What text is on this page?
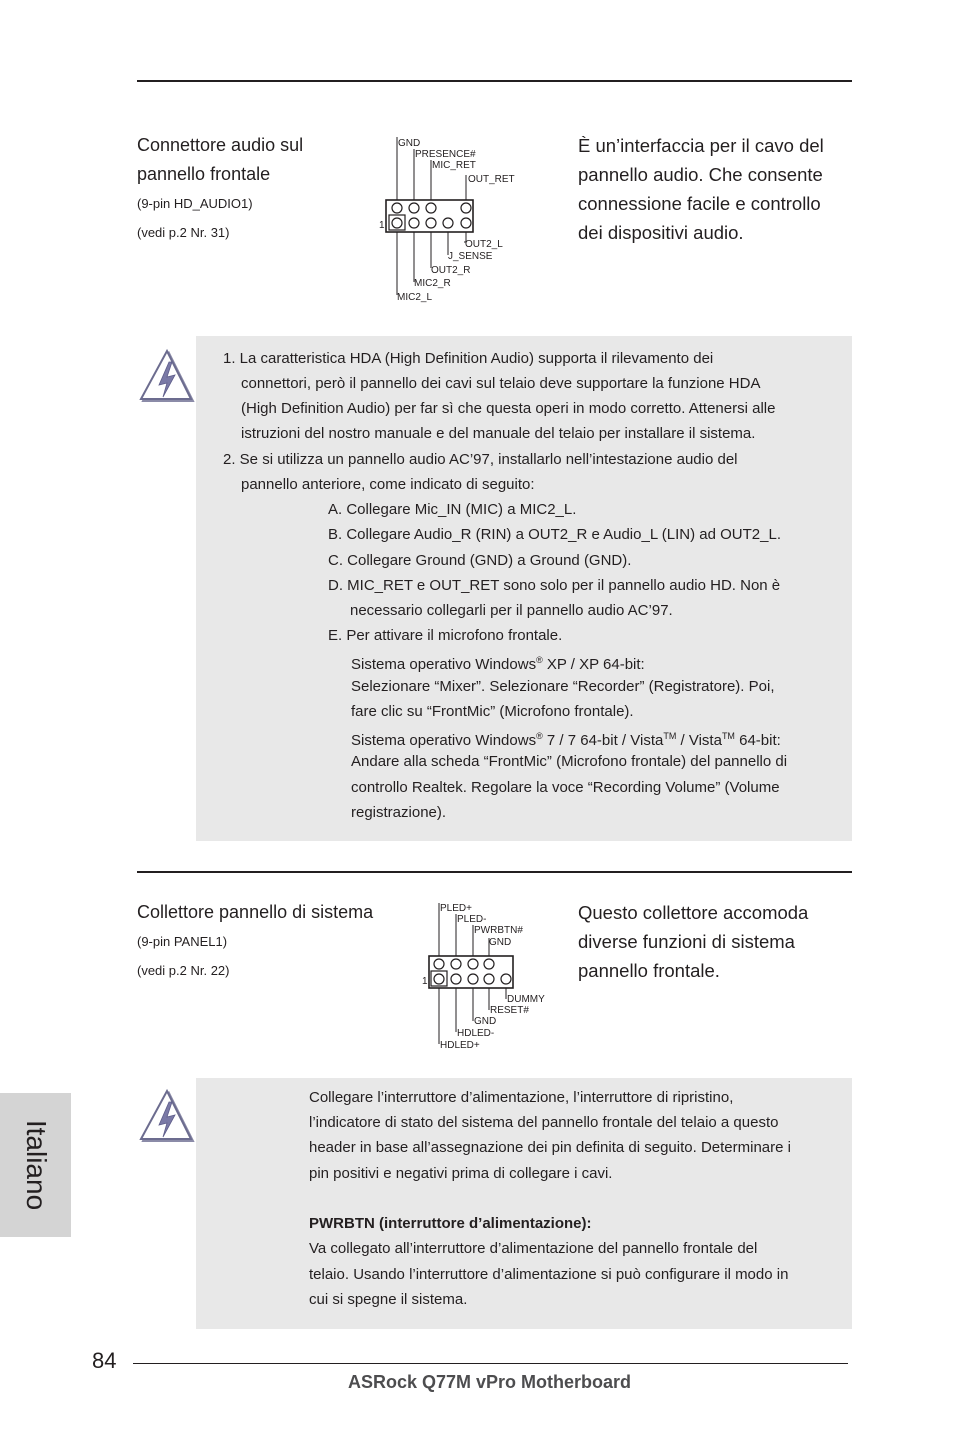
Connettore audio sul
pannello frontale
(9-pin HD_AUDIO1)
(vedi p.2 Nr. 31)
GND
PRESENCE#
MIC_RET
OUT_RET
1
OUT2_L
J_SENSE
OUT2_R
MIC2_R
MIC2_L
È un’interfaccia per il cavo del
pannello audio. Che consente
connessione facile e controllo
dei dispositivi audio.
1. La caratteristica HDA (High Definition Audio) supporta il rilevamento dei
connettori, però il pannello dei cavi sul telaio deve supportare la funzione HDA
(High Definition Audio) per far sì che questa operi in modo corretto. Attenersi alle
istruzioni del nostro manuale e del manuale del telaio per installare il sistema.
2. Se si utilizza un pannello audio AC’97, installarlo nell’intestazione audio del
pannello anteriore, come indicato di seguito:
A. Collegare Mic_IN (MIC) a MIC2_L.
B. Collegare Audio_R (RIN) a OUT2_R e Audio_L (LIN) ad OUT2_L.
C. Collegare Ground (GND) a Ground (GND).
D. MIC_RET e OUT_RET sono solo per il pannello audio HD. Non è
necessario collegarli per il pannello audio AC’97.
E. Per attivare il microfono frontale.
Sistema operativo Windows® XP / XP 64-bit:
Selezionare “Mixer”. Selezionare “Recorder” (Registratore). Poi,
fare clic su “FrontMic” (Microfono frontale).
Sistema operativo Windows® 7 / 7 64-bit / Vista™ / Vista™ 64-bit:
Andare alla scheda “FrontMic” (Microfono frontale) del pannello di
controllo Realtek. Regolare la voce “Recording Volume” (Volume
registrazione).
Collettore pannello di sistema
(9-pin PANEL1)
(vedi p.2 Nr. 22)
PLED+
PLED-
PWRBTN#
GND
1
DUMMY
RESET#
GND
HDLED-
HDLED+
Questo collettore accomoda
diverse funzioni di sistema
pannello frontale.
Collegare l’interruttore d’alimentazione, l’interruttore di ripristino,
l’indicatore di stato del sistema del pannello frontale del telaio a questo
header in base all’assegnazione dei pin definita di seguito. Determinare i
pin positivi e negativi prima di collegare i cavi.
PWRBTN (interruttore d’alimentazione):
Va collegato all’interruttore d’alimentazione del pannello frontale del
telaio. Usando l’interruttore d’alimentazione si può configurare il modo in
cui si spegne il sistema.
Italiano
84
ASRock Q77M vPro Motherboard
